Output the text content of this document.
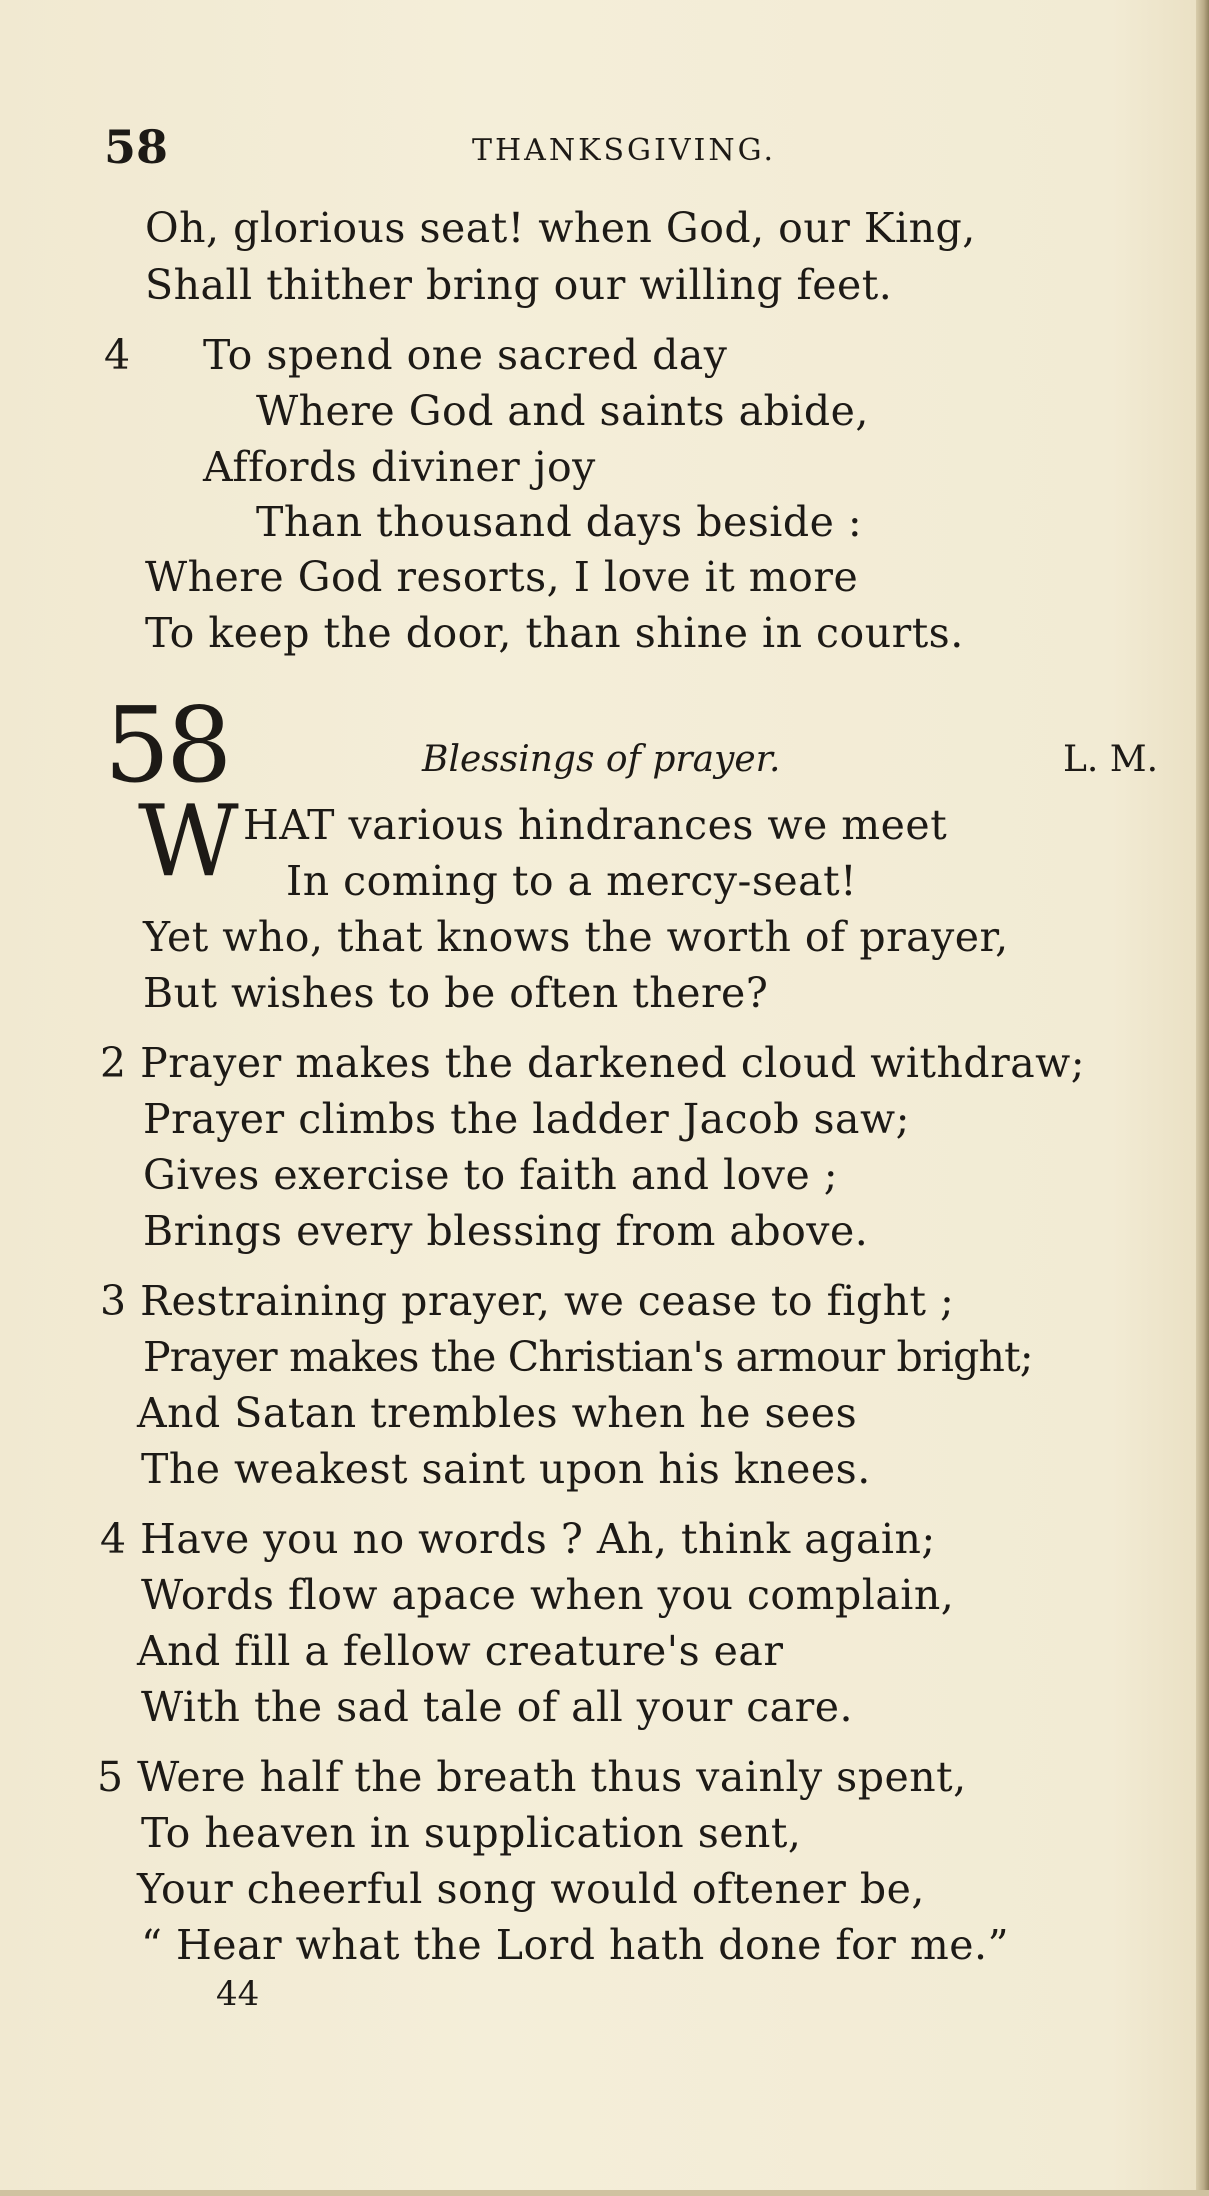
58	THANKSGIVING.
Oh, glorious seat! when God, our King,
Shall thither bring our willing feet.
4 To spend one sacred day
Where God and saints abide,
Affords diviner joy
Than thousand days beside :
Where God resorts, I love it more
To keep the door, than shine in courts.
58	Blessings of prayer.	L. M.
W HAT various hindrances we meet
In coming to a mercy-seat!
Yet who, that knows the worth of prayer,
But wishes to be often there?
2 Prayer makes the darkened cloud withdraw;
Prayer climbs the ladder Jacob saw;
Gives exercise to faith and love ;
Brings every blessing from above.
3 Restraining prayer, we cease to fight ;
Prayer makes the Christian's armour bright;
And Satan trembles when he sees
The weakest saint upon his knees.
4 Have you no words ? Ah, think again;
Words flow apace when you complain,
And fill a fellow creature's ear
With the sad tale of all your care.
5 Were half the breath thus vainly spent,
To heaven in supplication sent,
Your cheerful song would oftener be,
“ Hear what the Lord hath done for me.”
44
